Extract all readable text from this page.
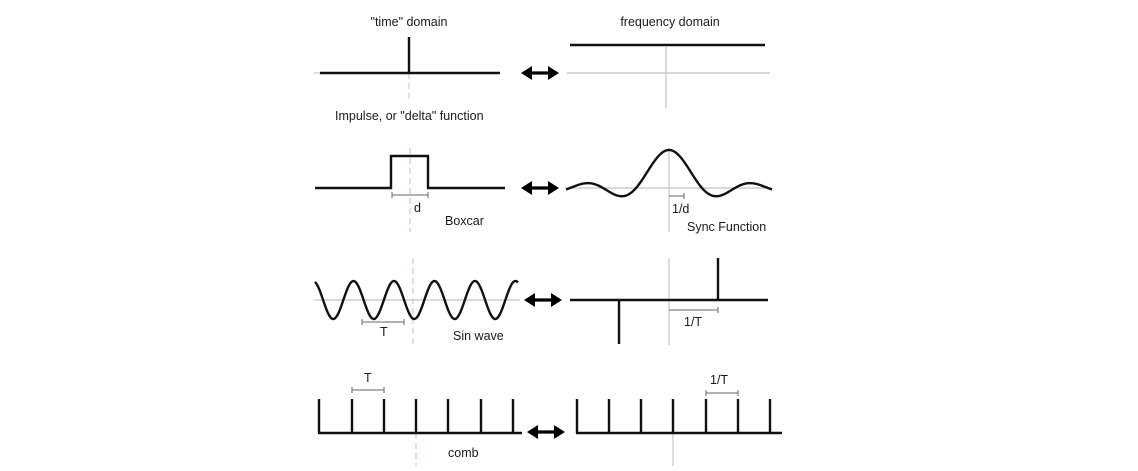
"time" domain	frequency domain
Impulse, or "delta" function
d
Boxcar
1/d
Sync Function
T	Sin wave
1/T
T
comb
1/T
